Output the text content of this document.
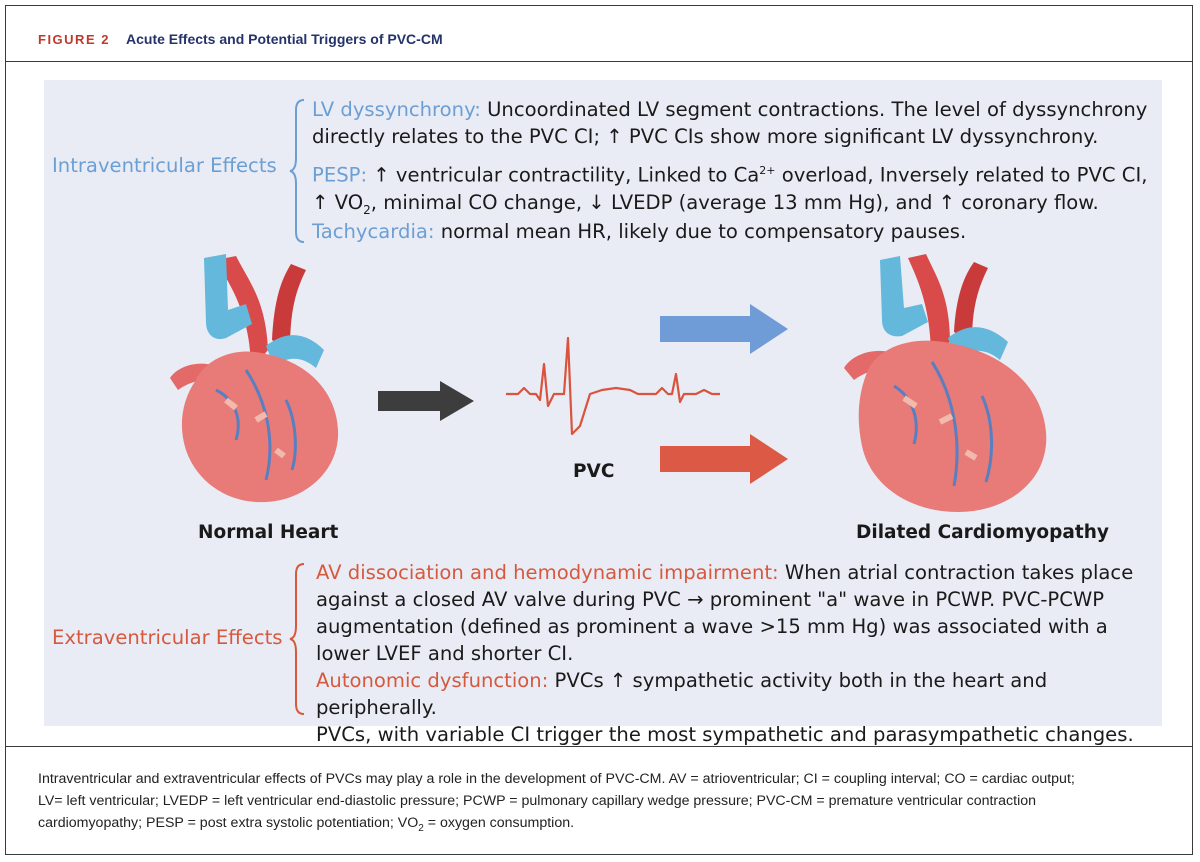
FIGURE 2 Acute Effects and Potential Triggers of PVC-CM
Intraventricular Effects
LV dyssynchrony: Uncoordinated LV segment contractions. The level of dyssynchrony
directly relates to the PVC CI; ↑ PVC CIs show more significant LV dyssynchrony.
PESP: ↑ ventricular contractility, Linked to $Ca^{2+}$ overload, Inversely related to PVC CI,
↑ $VO_2$, minimal CO change, ↓ LVEDP (average 13 mm Hg), and ↑ coronary flow.
Tachycardia: normal mean HR, likely due to compensatory pauses.
PVC
Normal Heart	Dilated Cardiomyopathy
Extraventricular Effects
AV dissociation and hemodynamic impairment: When atrial contraction takes place
against a closed AV valve during PVC → prominent "a" wave in PCWP. PVC-PCWP
augmentation (defined as prominent a wave >15 mm Hg) was associated with a
lower LVEF and shorter CI.
Autonomic dysfunction: PVCs ↑ sympathetic activity both in the heart and peripherally.
PVCs, with variable CI trigger the most sympathetic and parasympathetic changes.
Intraventricular and extraventricular effects of PVCs may play a role in the development of PVC-CM. AV = atrioventricular; CI = coupling interval; CO = cardiac output;
LV= left ventricular; LVEDP = left ventricular end-diastolic pressure; PCWP = pulmonary capillary wedge pressure; PVC-CM = premature ventricular contraction
cardiomyopathy; PESP = post extra systolic potentiation; $VO_2$ = oxygen consumption.
